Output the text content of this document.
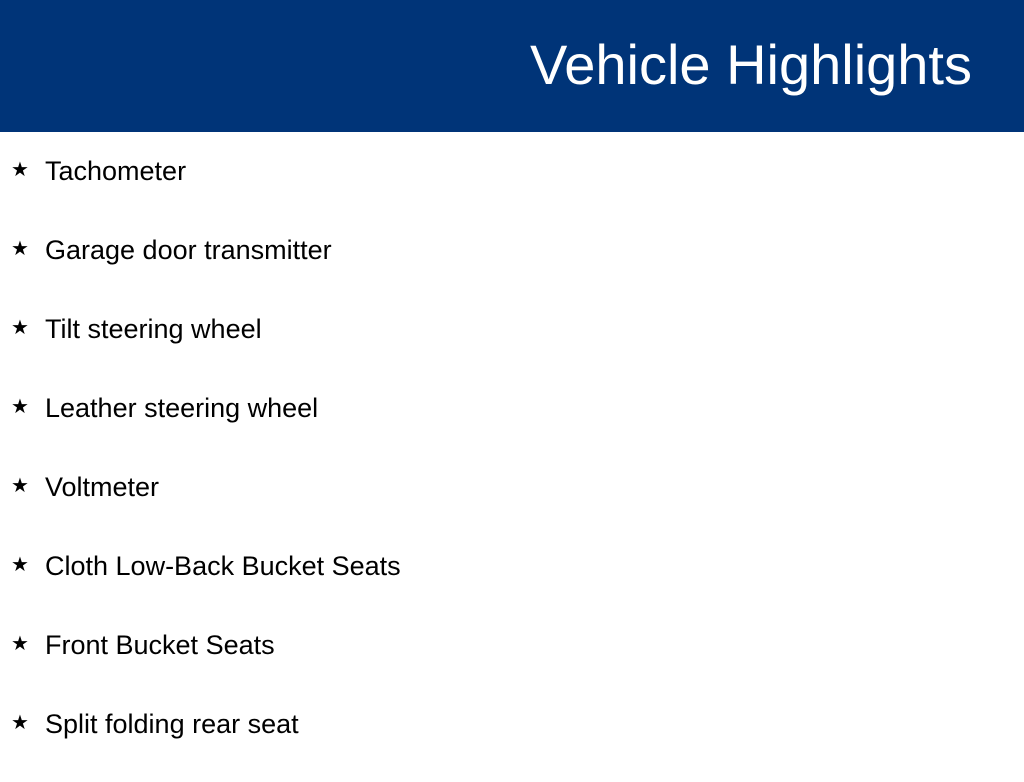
Vehicle Highlights
★ Tachometer
★ Garage door transmitter
★ Tilt steering wheel
★ Leather steering wheel
★ Voltmeter
★ Cloth Low-Back Bucket Seats
★ Front Bucket Seats
★ Split folding rear seat
